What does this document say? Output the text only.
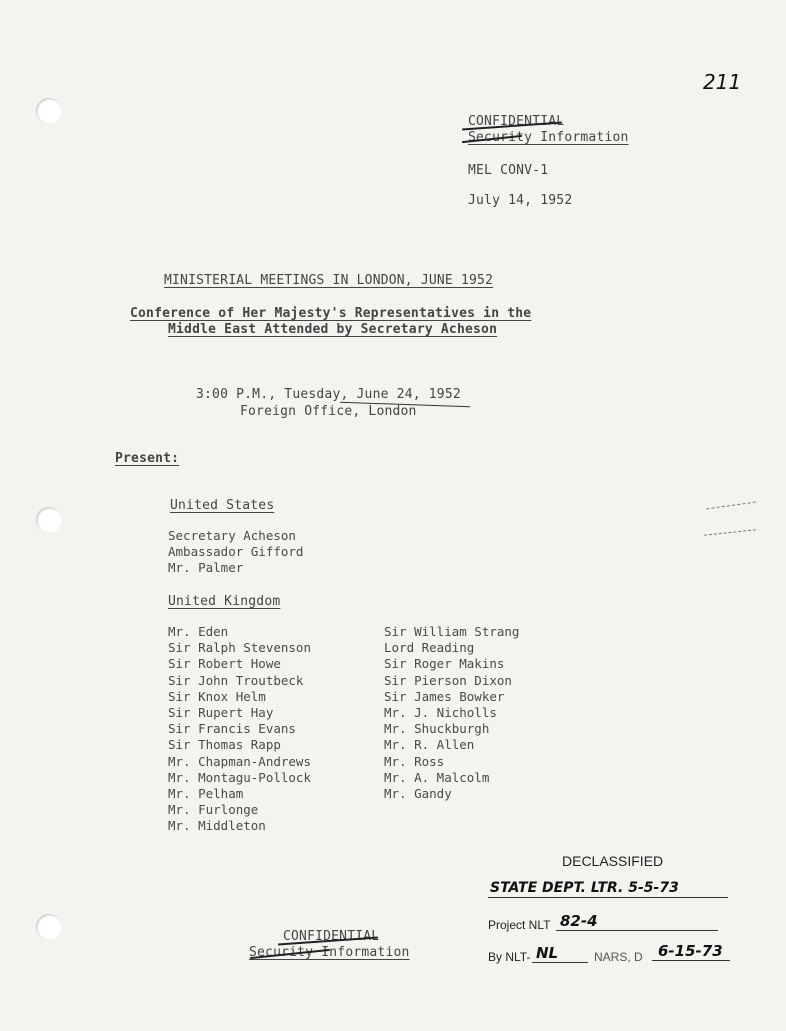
211
CONFIDENTIAL
Security Information
MEL CONV-1
July 14, 1952
MINISTERIAL MEETINGS IN LONDON, JUNE 1952
Conference of Her Majesty's Representatives in the
Middle East Attended by Secretary Acheson
3:00 P.M., Tuesday, June 24, 1952
Foreign Office, London
Present:
United States
Secretary Acheson
Ambassador Gifford
Mr. Palmer
United Kingdom
Mr. Eden
Sir Ralph Stevenson
Sir Robert Howe
Sir John Troutbeck
Sir Knox Helm
Sir Rupert Hay
Sir Francis Evans
Sir Thomas Rapp
Mr. Chapman-Andrews
Mr. Montagu-Pollock
Mr. Pelham
Mr. Furlonge
Mr. Middleton
Sir William Strang
Lord Reading
Sir Roger Makins
Sir Pierson Dixon
Sir James Bowker
Mr. J. Nicholls
Mr. Shuckburgh
Mr. R. Allen
Mr. Ross
Mr. A. Malcolm
Mr. Gandy
DECLASSIFIED
STATE DEPT. LTR. 5-5-73
Project NLT 82-4
By NLT- NL	NARS, D 6-15-73
CONFIDENTIAL
Security Information
